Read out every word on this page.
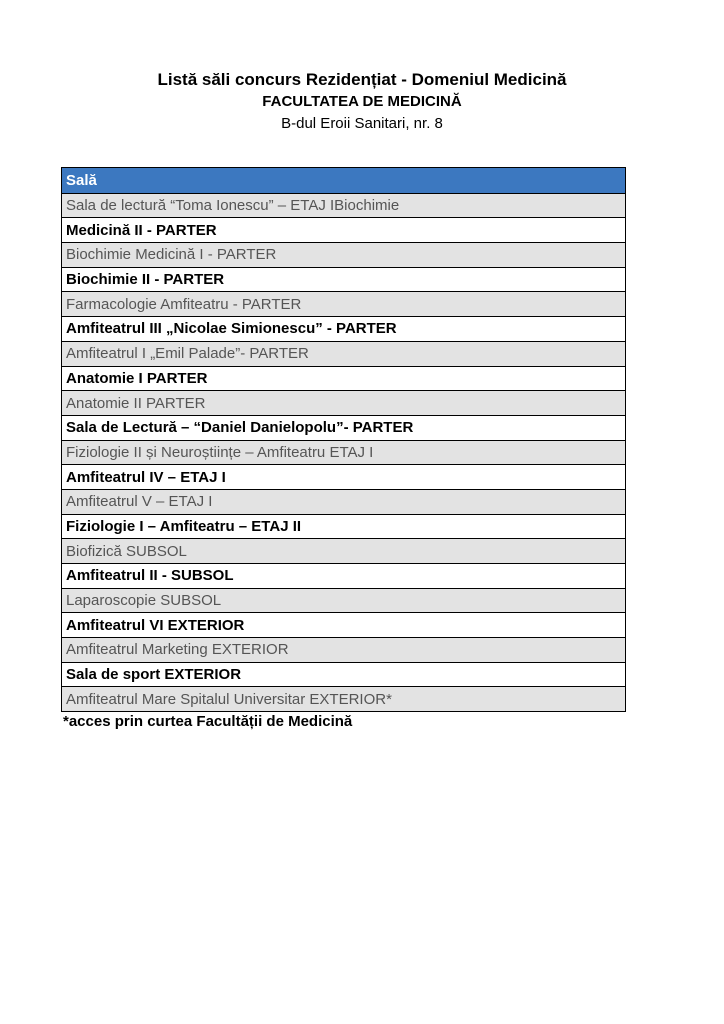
Listă săli concurs Rezidențiat - Domeniul Medicină
FACULTATEA DE MEDICINĂ
B-dul Eroii Sanitari, nr. 8
Sală
Sala de lectură “Toma Ionescu” – ETAJ IBiochimie
Medicină II - PARTER
Biochimie Medicină I - PARTER
Biochimie II - PARTER
Farmacologie Amfiteatru - PARTER
Amfiteatrul III „Nicolae Simionescu” - PARTER
Amfiteatrul I „Emil Palade”- PARTER
Anatomie I PARTER
Anatomie II PARTER
Sala de Lectură – “Daniel Danielopolu”- PARTER
Fiziologie II și Neuroștiințe – Amfiteatru ETAJ I
Amfiteatrul IV – ETAJ I
Amfiteatrul V – ETAJ I
Fiziologie I – Amfiteatru – ETAJ II
Biofizică SUBSOL
Amfiteatrul II - SUBSOL
Laparoscopie SUBSOL
Amfiteatrul VI EXTERIOR
Amfiteatrul Marketing EXTERIOR
Sala de sport EXTERIOR
Amfiteatrul Mare Spitalul Universitar EXTERIOR*
*acces prin curtea Facultății de Medicină
